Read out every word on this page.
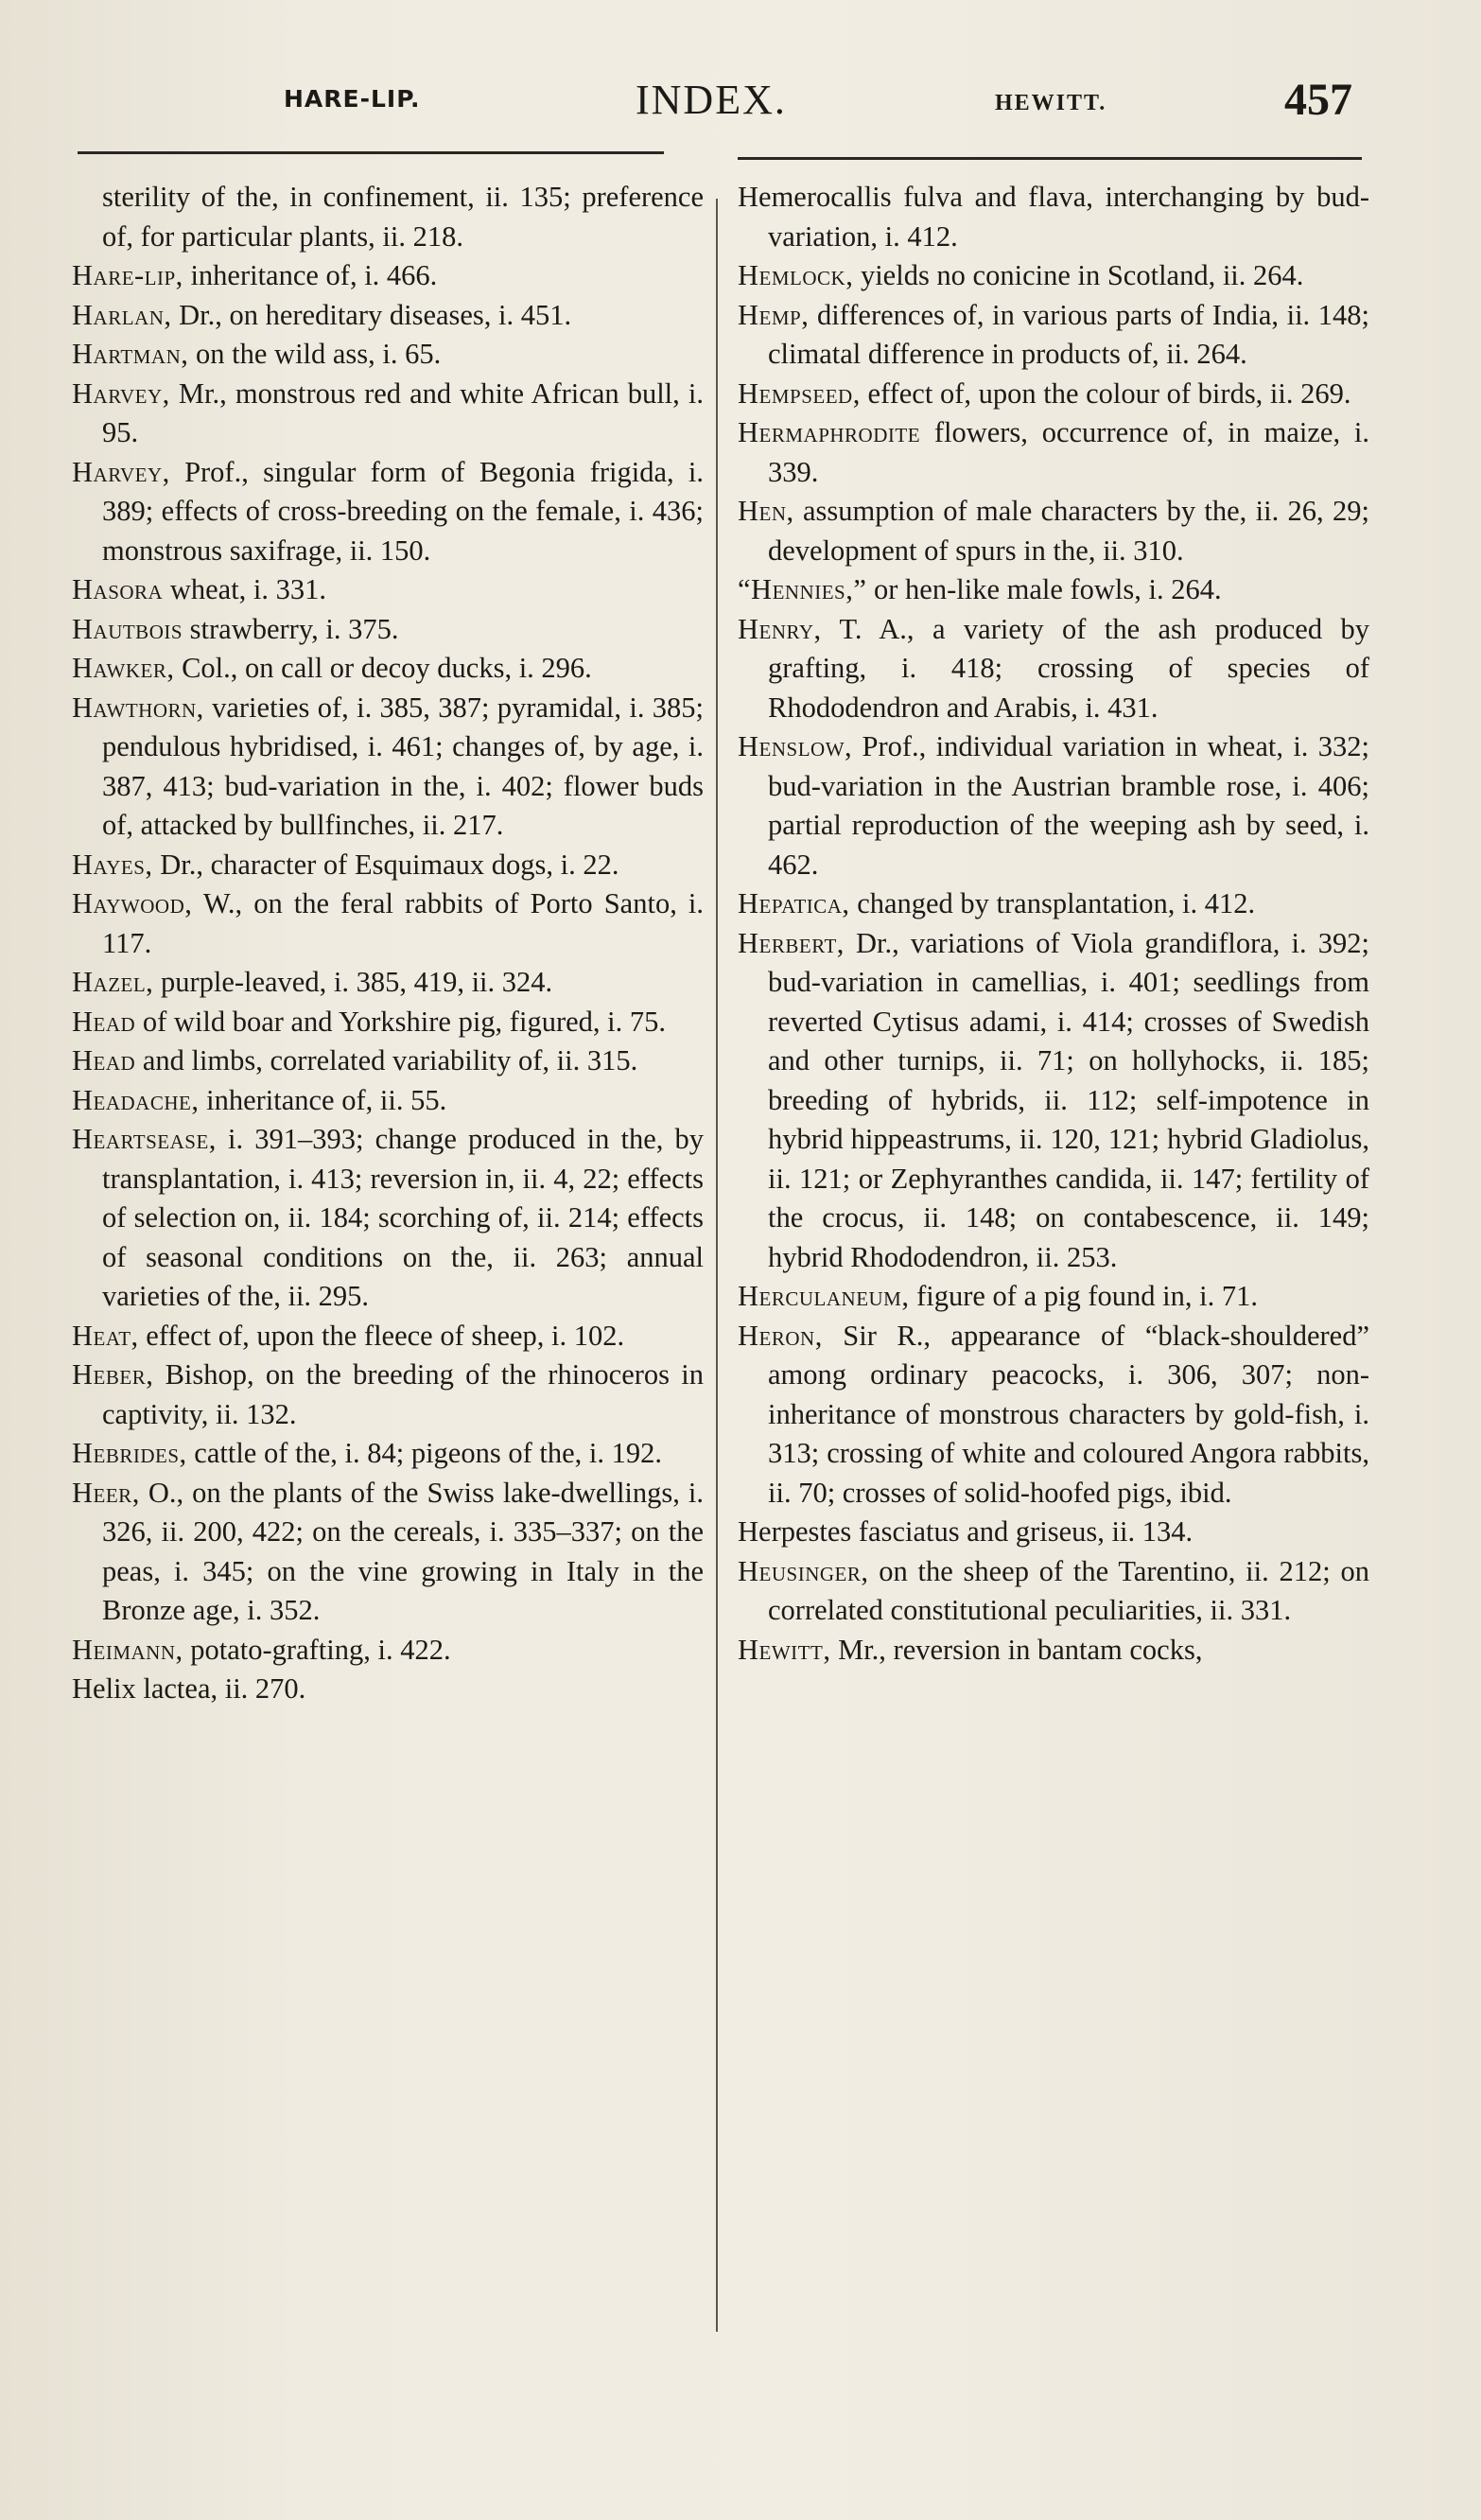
HARE-LIP.	INDEX.	HEWITT.	457

sterility of the, in confinement, ii. 135; preference of, for particular plants, ii. 218.

Hare-lip, inheritance of, i. 466.

Harlan, Dr., on hereditary diseases, i. 451.

Hartman, on the wild ass, i. 65.

Harvey, Mr., monstrous red and white African bull, i. 95.

Harvey, Prof., singular form of Begonia frigida, i. 389; effects of cross-breeding on the female, i. 436; monstrous saxifrage, ii. 150.

Hasora wheat, i. 331.

Hautbois strawberry, i. 375.

Hawker, Col., on call or decoy ducks, i. 296.

Hawthorn, varieties of, i. 385, 387; pyramidal, i. 385; pendulous hybridised, i. 461; changes of, by age, i. 387, 413; bud-variation in the, i. 402; flower buds of, attacked by bullfinches, ii. 217.

Hayes, Dr., character of Esquimaux dogs, i. 22.

Haywood, W., on the feral rabbits of Porto Santo, i. 117.

Hazel, purple-leaved, i. 385, 419, ii. 324.

Head of wild boar and Yorkshire pig, figured, i. 75.

Head and limbs, correlated variability of, ii. 315.

Headache, inheritance of, ii. 55.

Heartsease, i. 391–393; change produced in the, by transplantation, i. 413; reversion in, ii. 4, 22; effects of selection on, ii. 184; scorching of, ii. 214; effects of seasonal conditions on the, ii. 263; annual varieties of the, ii. 295.

Heat, effect of, upon the fleece of sheep, i. 102.

Heber, Bishop, on the breeding of the rhinoceros in captivity, ii. 132.

Hebrides, cattle of the, i. 84; pigeons of the, i. 192.

Heer, O., on the plants of the Swiss lake-dwellings, i. 326, ii. 200, 422; on the cereals, i. 335–337; on the peas, i. 345; on the vine growing in Italy in the Bronze age, i. 352.

Heimann, potato-grafting, i. 422.

Helix lactea, ii. 270.

Hemerocallis fulva and flava, interchanging by bud-variation, i. 412.

Hemlock, yields no conicine in Scotland, ii. 264.

Hemp, differences of, in various parts of India, ii. 148; climatal difference in products of, ii. 264.

Hempseed, effect of, upon the colour of birds, ii. 269.

Hermaphrodite flowers, occurrence of, in maize, i. 339.

Hen, assumption of male characters by the, ii. 26, 29; development of spurs in the, ii. 310.

“Hennies,” or hen-like male fowls, i. 264.

Henry, T. A., a variety of the ash produced by grafting, i. 418; crossing of species of Rhododendron and Arabis, i. 431.

Henslow, Prof., individual variation in wheat, i. 332; bud-variation in the Austrian bramble rose, i. 406; partial reproduction of the weeping ash by seed, i. 462.

Hepatica, changed by transplantation, i. 412.

Herbert, Dr., variations of Viola grandiflora, i. 392; bud-variation in camellias, i. 401; seedlings from reverted Cytisus adami, i. 414; crosses of Swedish and other turnips, ii. 71; on hollyhocks, ii. 185; breeding of hybrids, ii. 112; self-impotence in hybrid hippeastrums, ii. 120, 121; hybrid Gladiolus, ii. 121; or Zephyranthes candida, ii. 147; fertility of the crocus, ii. 148; on contabescence, ii. 149; hybrid Rhododendron, ii. 253.

Herculaneum, figure of a pig found in, i. 71.

Heron, Sir R., appearance of “black-shouldered” among ordinary peacocks, i. 306, 307; non-inheritance of monstrous characters by gold-fish, i. 313; crossing of white and coloured Angora rabbits, ii. 70; crosses of solid-hoofed pigs, ibid.

Herpestes fasciatus and griseus, ii. 134.

Heusinger, on the sheep of the Tarentino, ii. 212; on correlated constitutional peculiarities, ii. 331.

Hewitt, Mr., reversion in bantam cocks,
